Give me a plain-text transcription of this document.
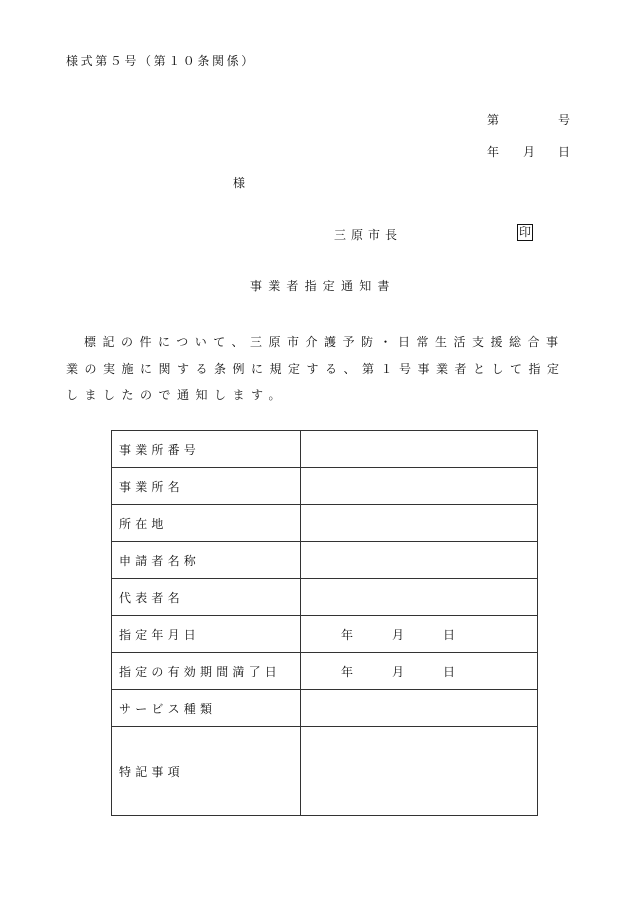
様式第５号（第１０条関係）
第	号
年 月 日
様
三原市長	印
事業者指定通知書
標記の件について、三原市介護予防・日常生活支援総合事業の実施に関する条例に規定する、第１号事業者として指定しましたので通知します。
事業所番号	
事業所名	
所在地	
申請者名称	
代表者名	
指定年月日	年 月 日

指定の有効期間満了日	年 月 日

サービス種類	
特記事項	
